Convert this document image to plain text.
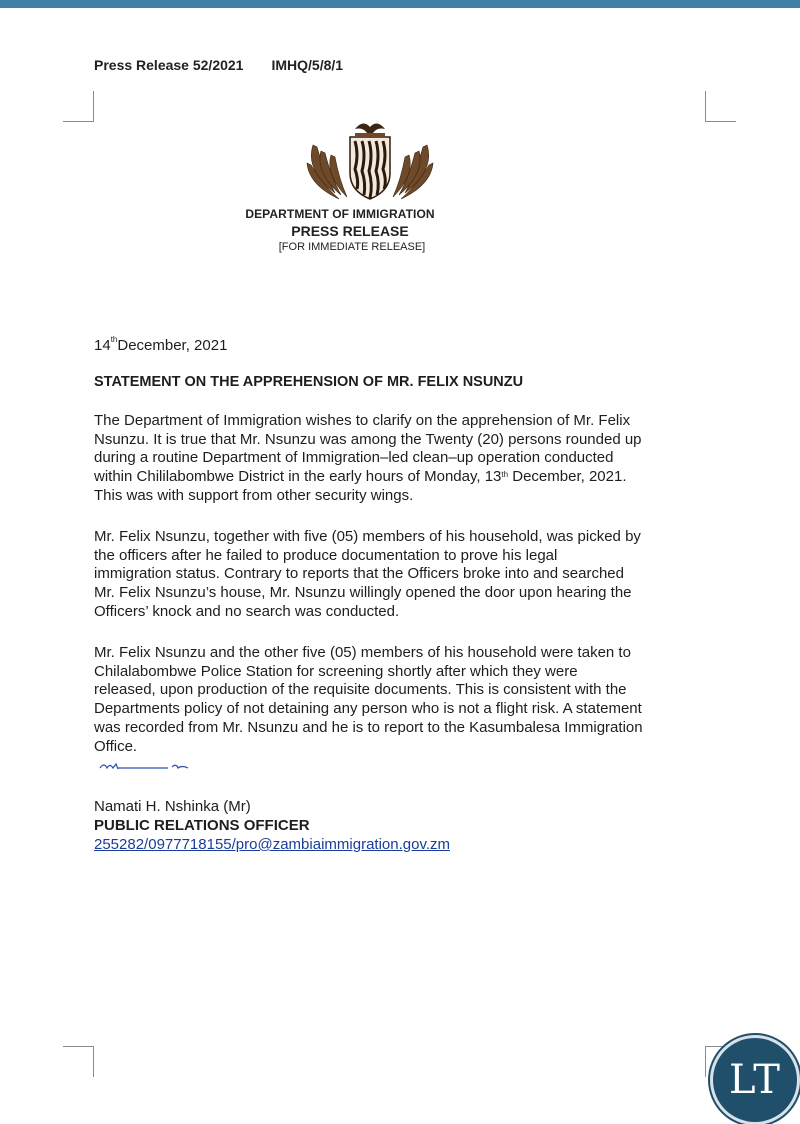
Press Release 52/2021 IMHQ/5/8/1
DEPARTMENT OF IMMIGRATION
PRESS RELEASE
[FOR IMMEDIATE RELEASE]
14thDecember, 2021
STATEMENT ON THE APPREHENSION OF MR. FELIX NSUNZU
The Department of Immigration wishes to clarify on the apprehension of Mr. Felix
Nsunzu. It is true that Mr. Nsunzu was among the Twenty (20) persons rounded up
during a routine Department of Immigration–led clean–up operation conducted
within Chililabombwe District in the early hours of Monday, 13th December, 2021.
This was with support from other security wings.
Mr. Felix Nsunzu, together with five (05) members of his household, was picked by
the officers after he failed to produce documentation to prove his legal
immigration status. Contrary to reports that the Officers broke into and searched
Mr. Felix Nsunzu’s house, Mr. Nsunzu willingly opened the door upon hearing the
Officers’ knock and no search was conducted.
Mr. Felix Nsunzu and the other five (05) members of his household were taken to
Chilalabombwe Police Station for screening shortly after which they were
released, upon production of the requisite documents. This is consistent with the
Departments policy of not detaining any person who is not a flight risk. A statement
was recorded from Mr. Nsunzu and he is to report to the Kasumbalesa Immigration
Office.
Namati H. Nshinka (Mr)
PUBLIC RELATIONS OFFICER
255282/0977718155/pro@zambiaimmigration.gov.zm
LT
